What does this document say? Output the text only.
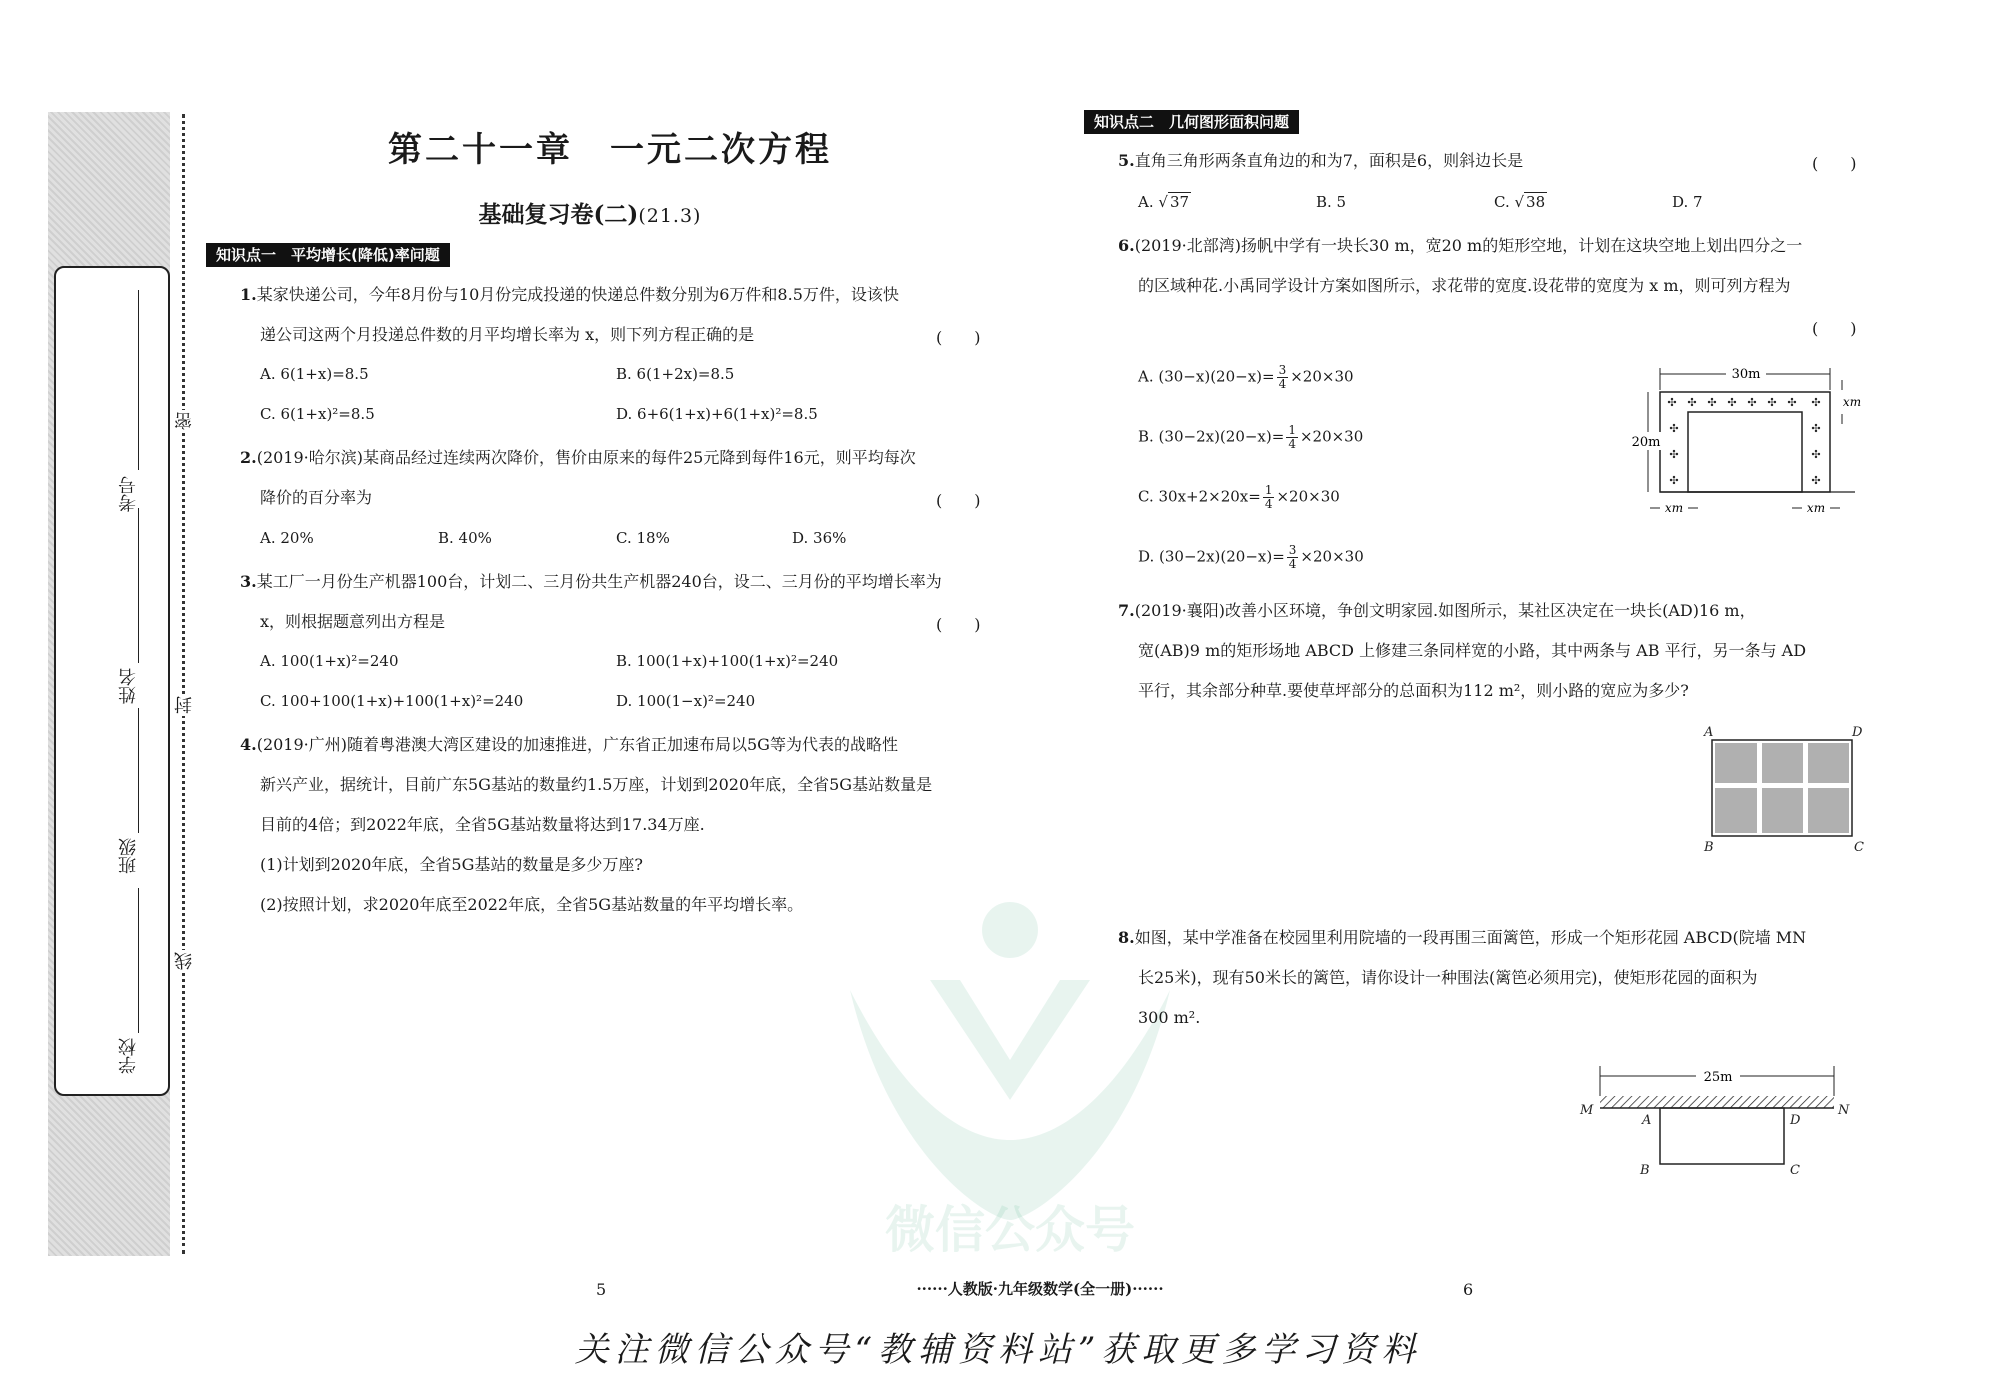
考号
姓名
班级
学校
密
封
线
微信公众号
第二十一章　一元二次方程
基础复习卷(二)(21.3)
知识点一　平均增长(降低)率问题
1.某家快递公司，今年8月份与10月份完成投递的快递总件数分别为6万件和8.5万件，设该快
递公司这两个月投递总件数的月平均增长率为 x，则下列方程正确的是	(　　)
A. 6(1+x)=8.5	B. 6(1+2x)=8.5
C. 6(1+x)²=8.5	D. 6+6(1+x)+6(1+x)²=8.5
2.(2019·哈尔滨)某商品经过连续两次降价，售价由原来的每件25元降到每件16元，则平均每次
降价的百分率为	(　　)
A. 20%	B. 40%	C. 18%	D. 36%
3.某工厂一月份生产机器100台，计划二、三月份共生产机器240台，设二、三月份的平均增长率为
x，则根据题意列出方程是	(　　)
A. 100(1+x)²=240	B. 100(1+x)+100(1+x)²=240
C. 100+100(1+x)+100(1+x)²=240	D. 100(1−x)²=240
4.(2019·广州)随着粤港澳大湾区建设的加速推进，广东省正加速布局以5G等为代表的战略性
新兴产业，据统计，目前广东5G基站的数量约1.5万座，计划到2020年底，全省5G基站数量是
目前的4倍；到2022年底，全省5G基站数量将达到17.34万座.
(1)计划到2020年底，全省5G基站的数量是多少万座?
(2)按照计划，求2020年底至2022年底，全省5G基站数量的年平均增长率。
知识点二　几何图形面积问题
5.直角三角形两条直角边的和为7，面积是6，则斜边长是	(　　)
A. √ 37	B. 5	C. √ 38	D. 7
6.(2019·北部湾)扬帆中学有一块长30 m，宽20 m的矩形空地，计划在这块空地上划出四分之一
的区域种花.小禹同学设计方案如图所示，求花带的宽度.设花带的宽度为 x m，则可列方程为
(　　)
A. $(30-x)(20-x)= \frac{3}{4} \times 20\times 30$
B. $(30-2x)(20-x)= \frac{1}{4} \times 20\times 30$
C. $30x+2\times 20x= \frac{1}{4} \times 20\times 30$
D. $(30-2x)(20-x)= \frac{3}{4} \times 20\times 30$
✣ ✣ ✣ ✣ ✣ ✣ ✣ ✣
✣
✣
✣
✣
✣
✣
30m
20m
xm
xm	xm
7.(2019·襄阳)改善小区环境，争创文明家园.如图所示，某社区决定在一块长(AD)16 m，
宽(AB)9 m的矩形场地 ABCD 上修建三条同样宽的小路，其中两条与 AB 平行，另一条与 AD
平行，其余部分种草.要使草坪部分的总面积为112 m²，则小路的宽应为多少?
A	D
B	C
8.如图，某中学准备在校园里利用院墙的一段再围三面篱笆，形成一个矩形花园 ABCD(院墙 MN
长25米)，现有50米长的篱笆，请你设计一种围法(篱笆必须用完)，使矩形花园的面积为
300 m².
25m
M	N
A	D
B	C
5	······人教版·九年级数学(全一册)······	6
关注微信公众号“教辅资料站”获取更多学习资料
